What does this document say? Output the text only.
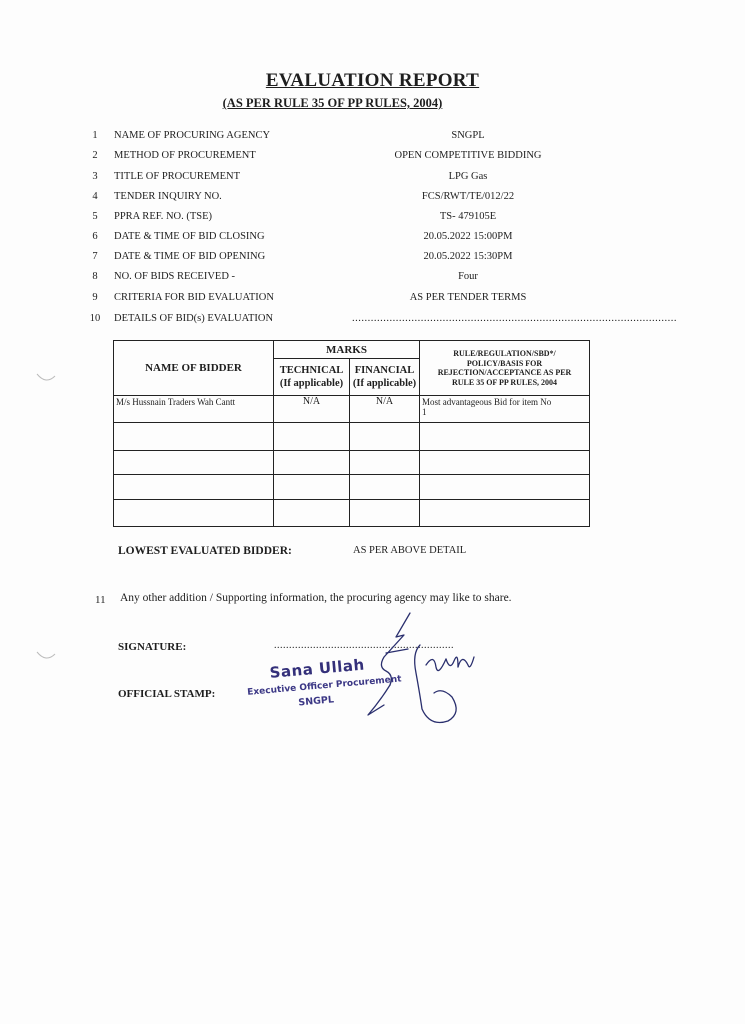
EVALUATION REPORT
(AS PER RULE 35 OF PP RULES, 2004)
1	NAME OF PROCURING AGENCY	SNGPL
2	METHOD OF PROCUREMENT	OPEN COMPETITIVE BIDDING
3	TITLE OF PROCUREMENT	LPG Gas
4	TENDER INQUIRY NO.	FCS/RWT/TE/012/22
5	PPRA REF. NO. (TSE)	TS- 479105E
6	DATE & TIME OF BID CLOSING	20.05.2022 15:00PM
7	DATE & TIME OF BID OPENING	20.05.2022 15:30PM
8	NO. OF BIDS RECEIVED -	Four
9	CRITERIA FOR BID EVALUATION	AS PER TENDER TERMS
10 DETAILS OF BID(s) EVALUATION	........................................................................................................
NAME OF BIDDER	MARKS		RULE/REGULATION/SBD*/
POLICY/BASIS FOR
REJECTION/ACCEPTANCE AS PER
RULE 35 OF PP RULES, 2004
	TECHNICAL
(If applicable)	FINANCIAL
(If applicable)	
M/s Hussnain Traders Wah Cantt	N/A	N/A	Most advantageous Bid for item No
1

LOWEST EVALUATED BIDDER:	AS PER ABOVE DETAIL
11 Any other addition / Supporting information, the procuring agency may like to share.
SIGNATURE:	............................................................
OFFICIAL STAMP:
Sana Ullah
Executive Officer Procurement
SNGPL
